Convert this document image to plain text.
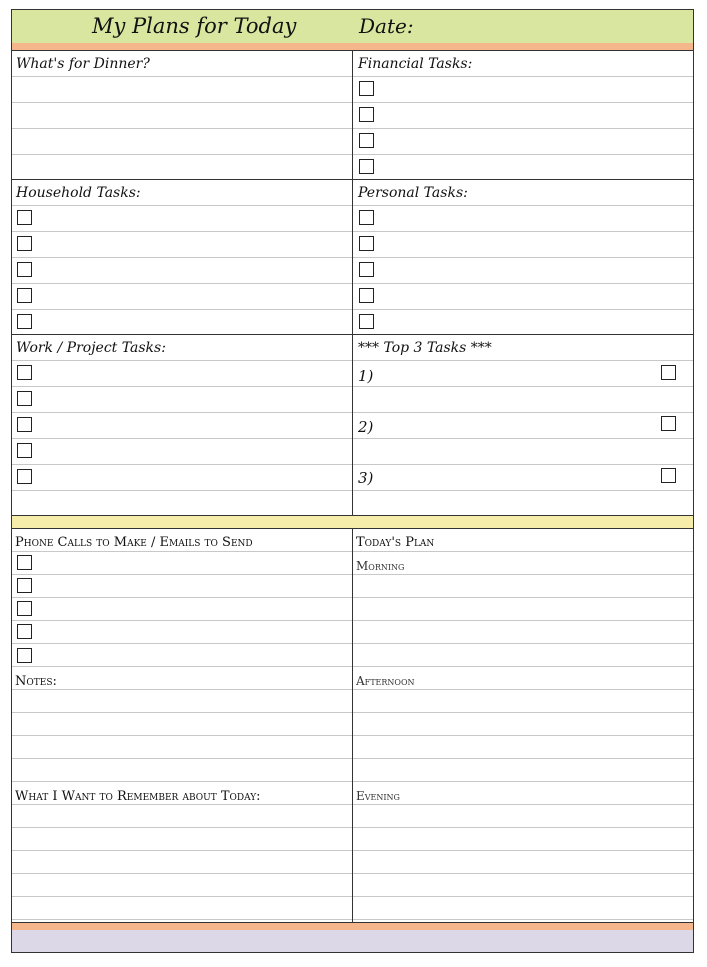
My Plans for Today	Date:
What's for Dinner?	Financial Tasks:
Household Tasks:	Personal Tasks:
Work / Project Tasks:	*** Top 3 Tasks ***
1)
2)
3)
Phone Calls to Make / Emails to Send	Today's Plan
Morning
Afternoon
Evening
Notes:
What I Want to Remember about Today:
